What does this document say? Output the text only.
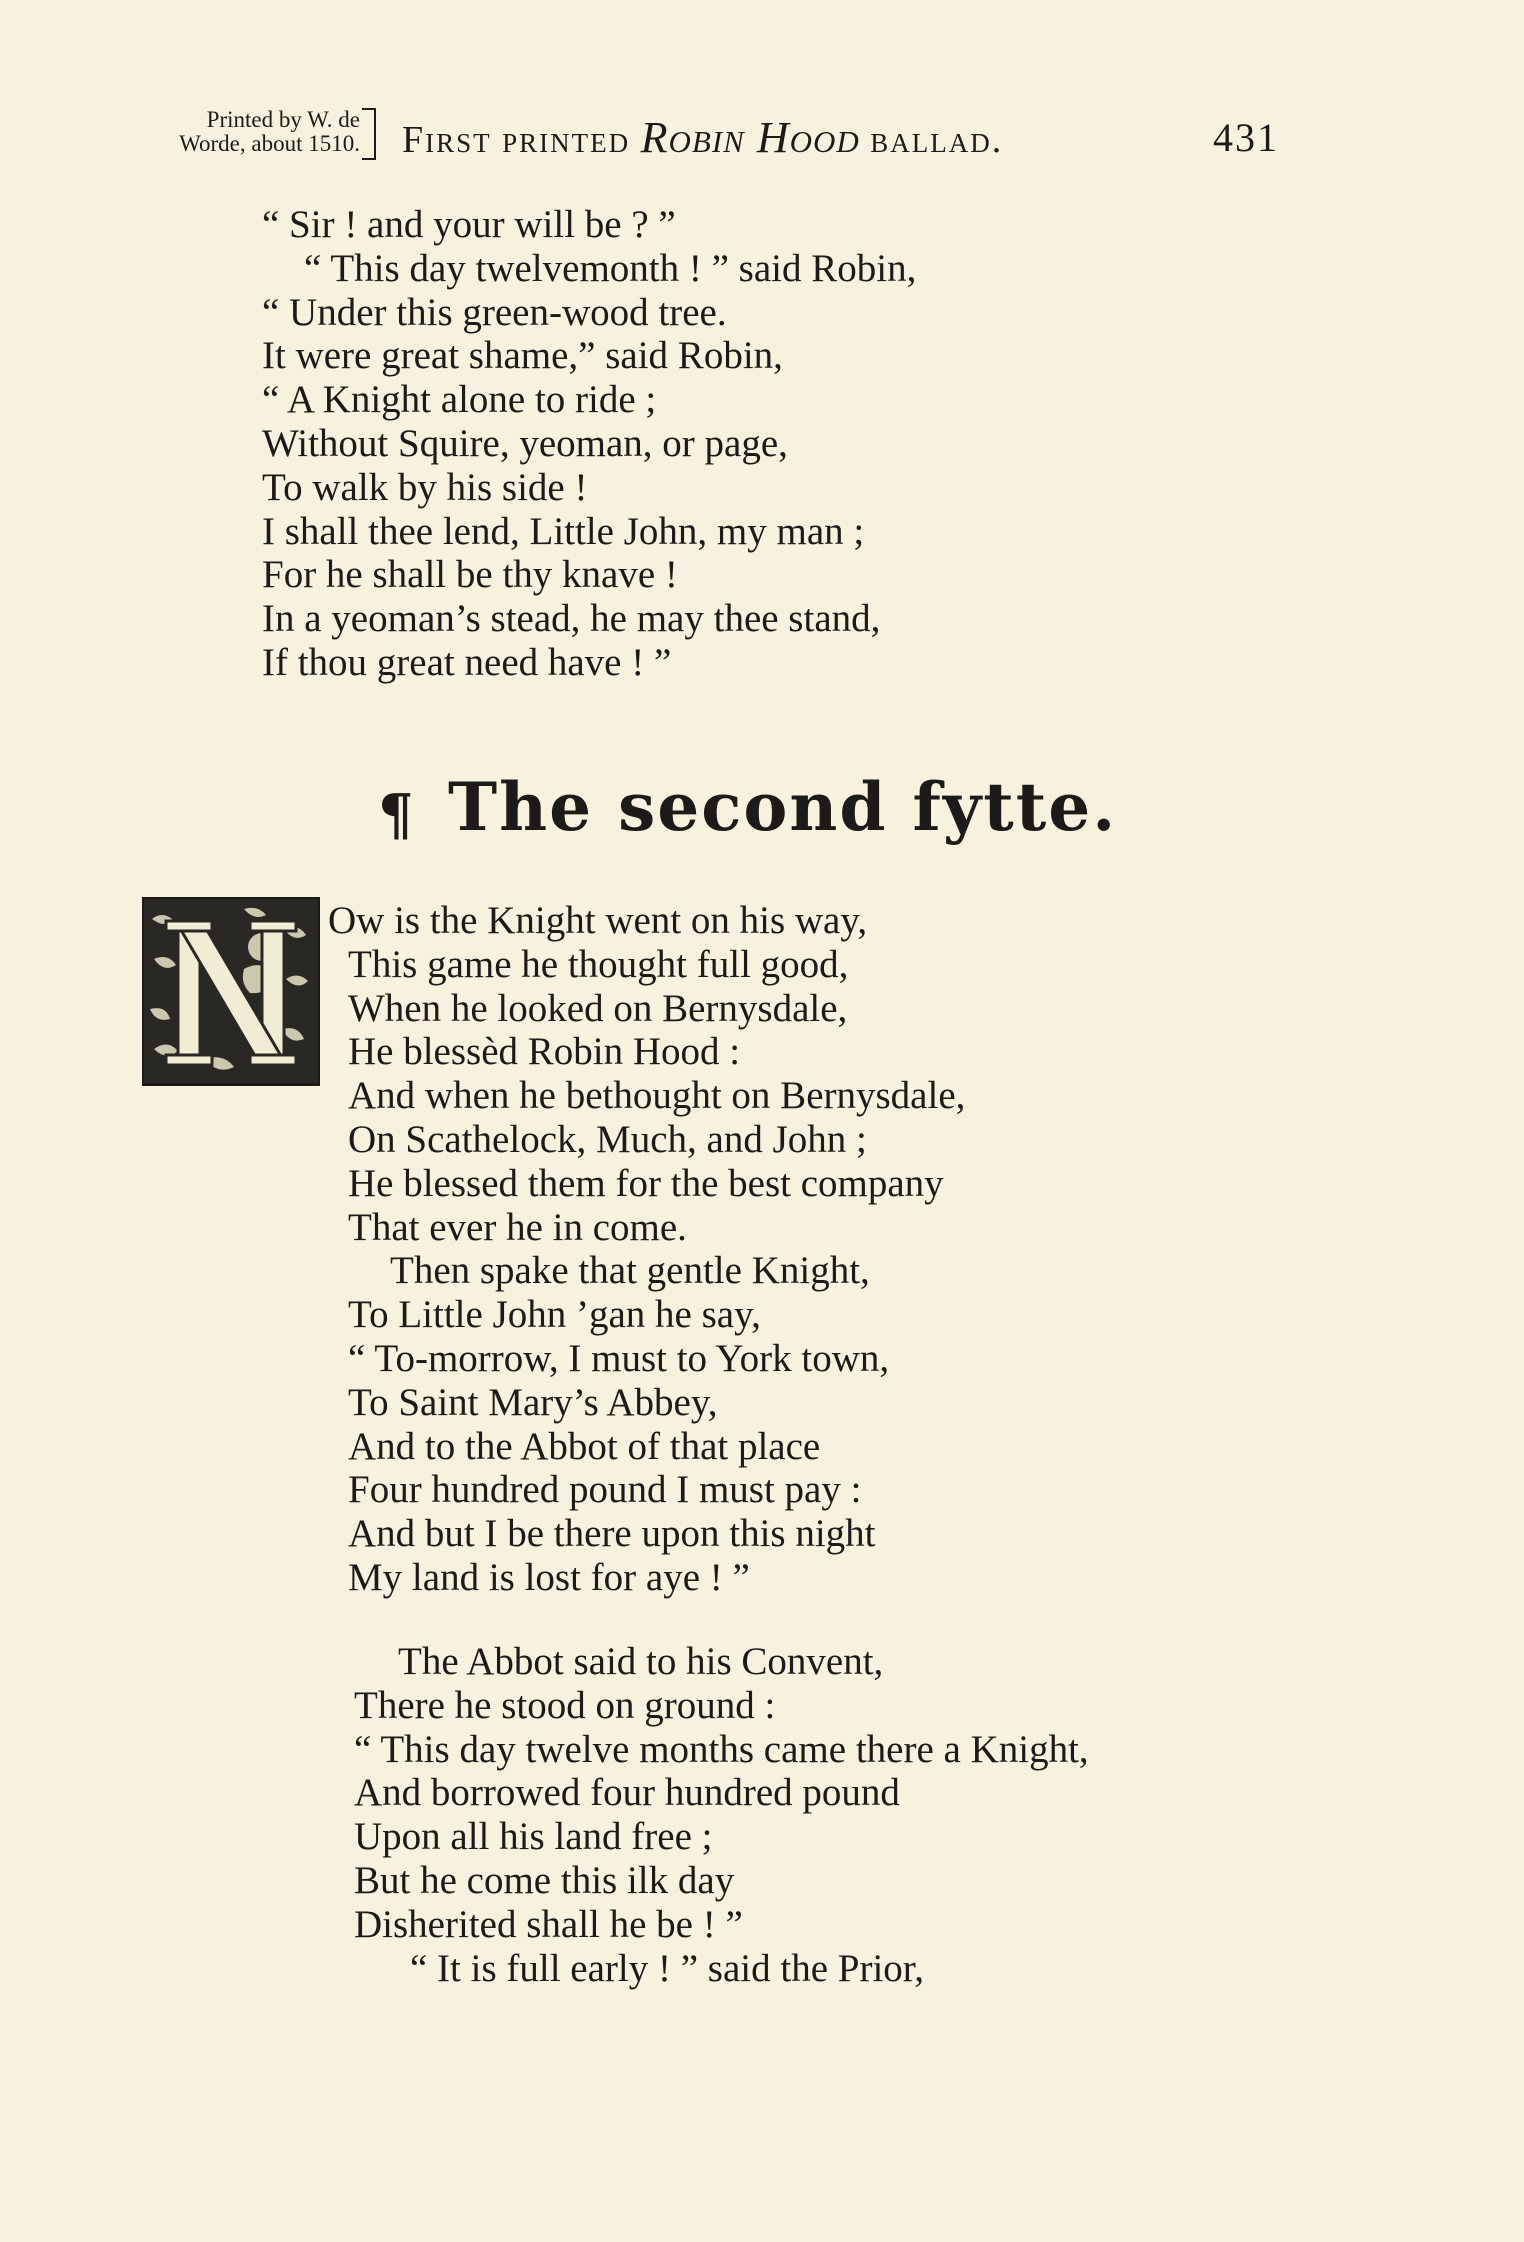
Printed by W. de
Worde, about 1510. First printed Robin Hood ballad.	431
“ Sir ! and your will be ? ”
“ This day twelvemonth ! ” said Robin,
“ Under this green-wood tree.
It were great shame,” said Robin,
“ A Knight alone to ride ;
Without Squire, yeoman, or page,
To walk by his side !
I shall thee lend, Little John, my man ;
For he shall be thy knave !
In a yeoman’s stead, he may thee stand,
If thou great need have ! ”
¶ The second fytte.
Ow is the Knight went on his way,
This game he thought full good,
When he looked on Bernysdale,
He blessèd Robin Hood :
And when he bethought on Bernysdale,
On Scathelock, Much, and John ;
He blessed them for the best company
That ever he in come.
Then spake that gentle Knight,
To Little John ’gan he say,
“ To-morrow, I must to York town,
To Saint Mary’s Abbey,
And to the Abbot of that place
Four hundred pound I must pay :
And but I be there upon this night
My land is lost for aye ! ”
The Abbot said to his Convent,
There he stood on ground :
“ This day twelve months came there a Knight,
And borrowed four hundred pound
Upon all his land free ;
But he come this ilk day
Disherited shall he be ! ”
“ It is full early ! ” said the Prior,
